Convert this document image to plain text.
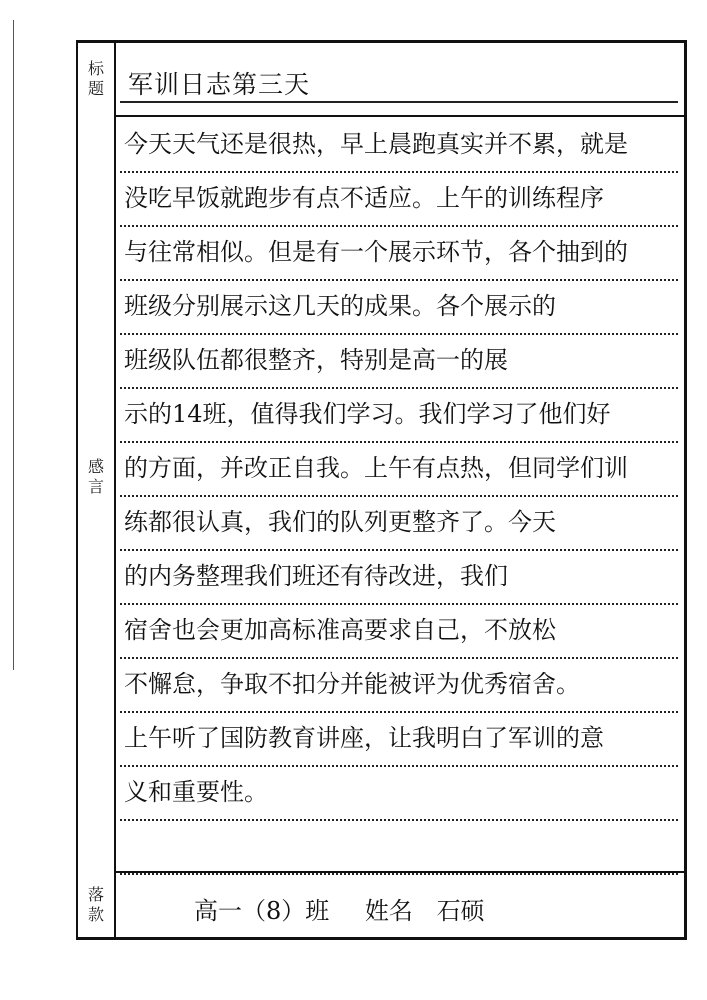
标题
感言
落款
军训日志第三天
今天天气还是很热，早上晨跑真实并不累，就是
没吃早饭就跑步有点不适应。上午的训练程序
与往常相似。但是有一个展示环节，各个抽到的
班级分别展示这几天的成果。各个展示的
班级队伍都很整齐，特别是高一的展
示的14班，值得我们学习。我们学习了他们好
的方面，并改正自我。上午有点热，但同学们训
练都很认真，我们的队列更整齐了。今天
的内务整理我们班还有待改进，我们
宿舍也会更加高标准高要求自己，不放松
不懈怠，争取不扣分并能被评为优秀宿舍。
上午听了国防教育讲座，让我明白了军训的意
义和重要性。
高一（8）班 姓名 石硕
